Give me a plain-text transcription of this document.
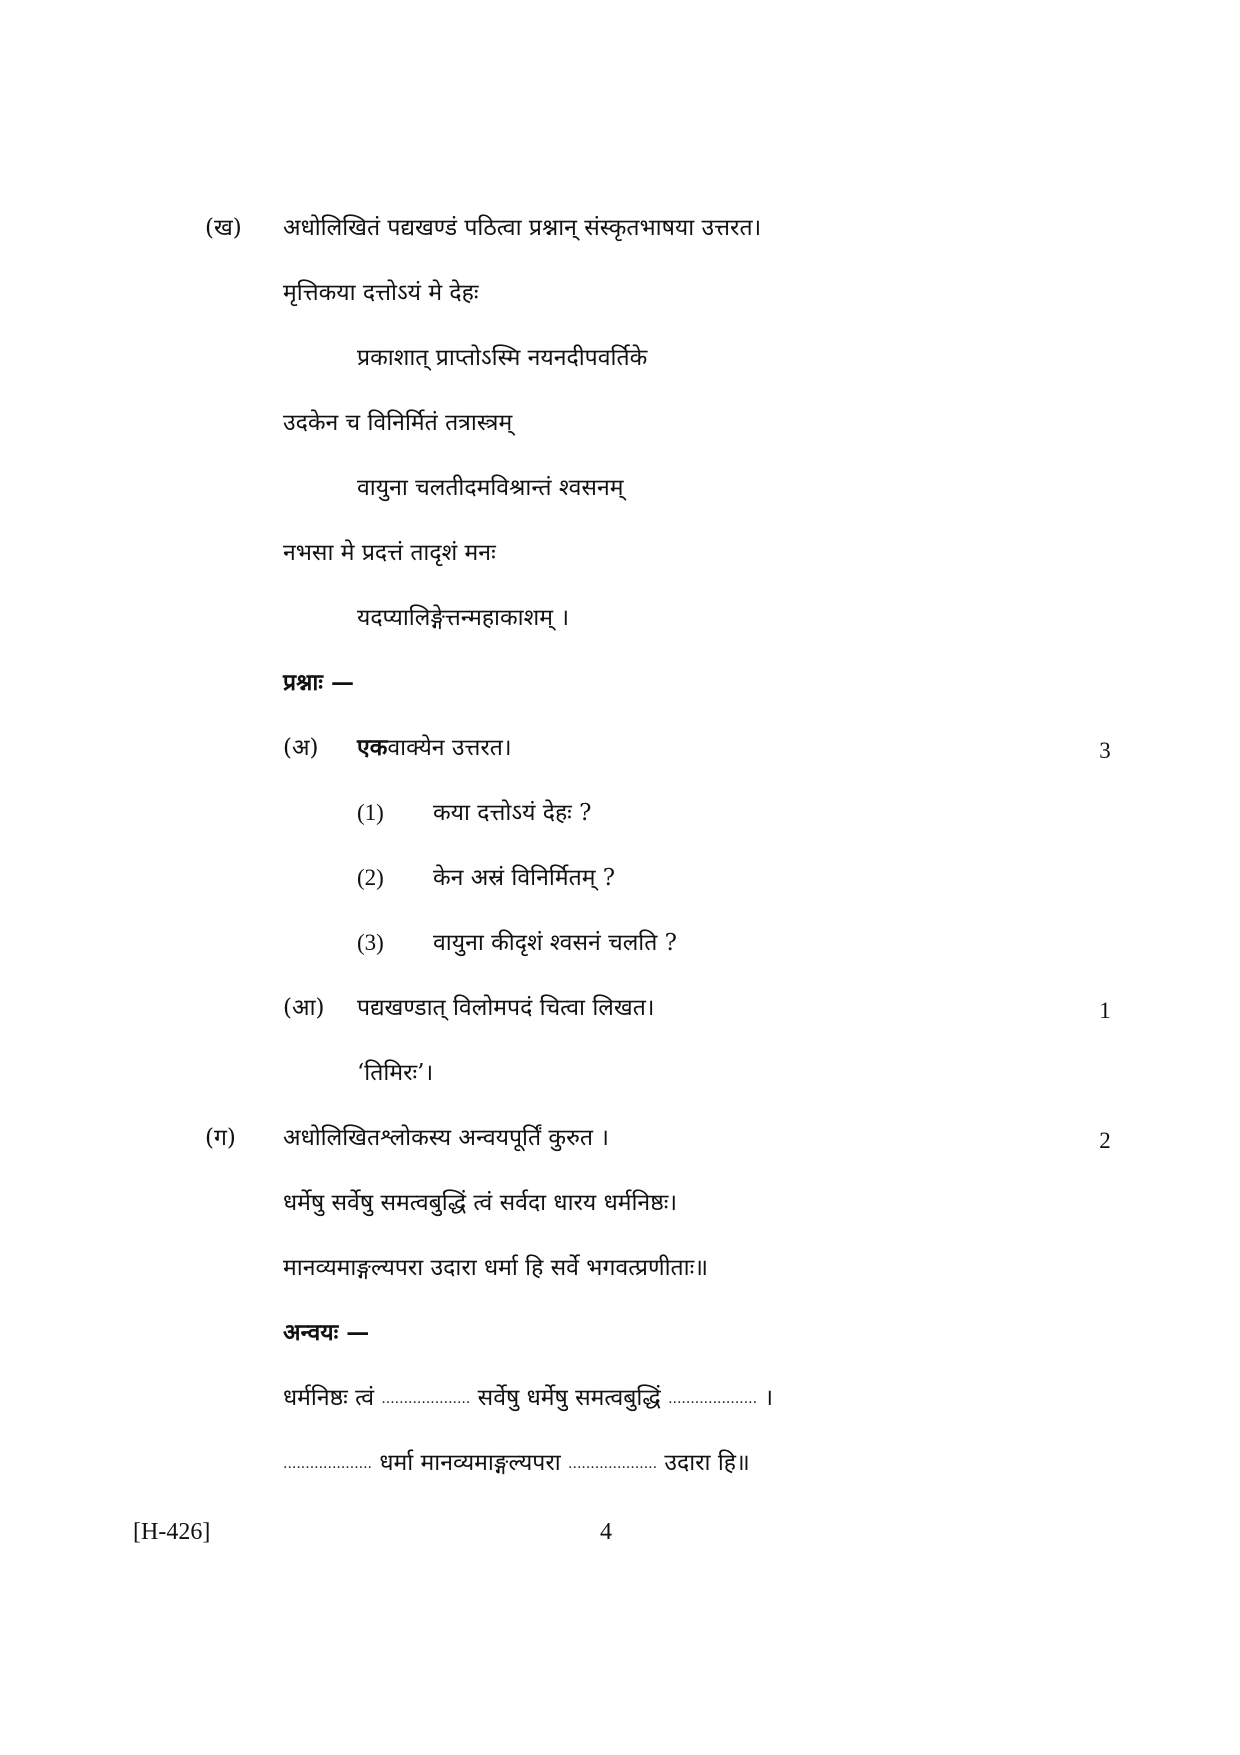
(ख) अधोलिखितं पद्यखण्डं पठित्वा प्रश्नान् संस्कृतभाषया उत्तरत।
मृत्तिकया दत्तोऽयं मे देहः
प्रकाशात् प्राप्तोऽस्मि नयनदीपवर्तिके
उदकेन च विनिर्मितं तत्रास्त्रम्
वायुना चलतीदमविश्रान्तं श्वसनम्
नभसा मे प्रदत्तं तादृशं मनः
यदप्यालिङ्गेत्तन्महाकाशम् ।
प्रश्नाः —
(अ) एकवाक्येन उत्तरत।	3
(1) कया दत्तोऽयं देहः ?
(2) केन अस्रं विनिर्मितम् ?
(3) वायुना कीदृशं श्वसनं चलति ?
(आ) पद्यखण्डात् विलोमपदं चित्वा लिखत।	1
‘तिमिरः’।
(ग) अधोलिखितश्लोकस्य अन्वयपूर्तिं कुरुत ।	2
धर्मेषु सर्वेषु समत्वबुद्धिं त्वं सर्वदा धारय धर्मनिष्ठः।
मानव्यमाङ्गल्यपरा उदारा धर्मा हि सर्वे भगवत्प्रणीताः॥
अन्वयः —
धर्मनिष्ठः त्वं .................... सर्वेषु धर्मेषु समत्वबुद्धिं .................... ।
.................... धर्मा मानव्यमाङ्गल्यपरा .................... उदारा हि॥
[H-426]	4
